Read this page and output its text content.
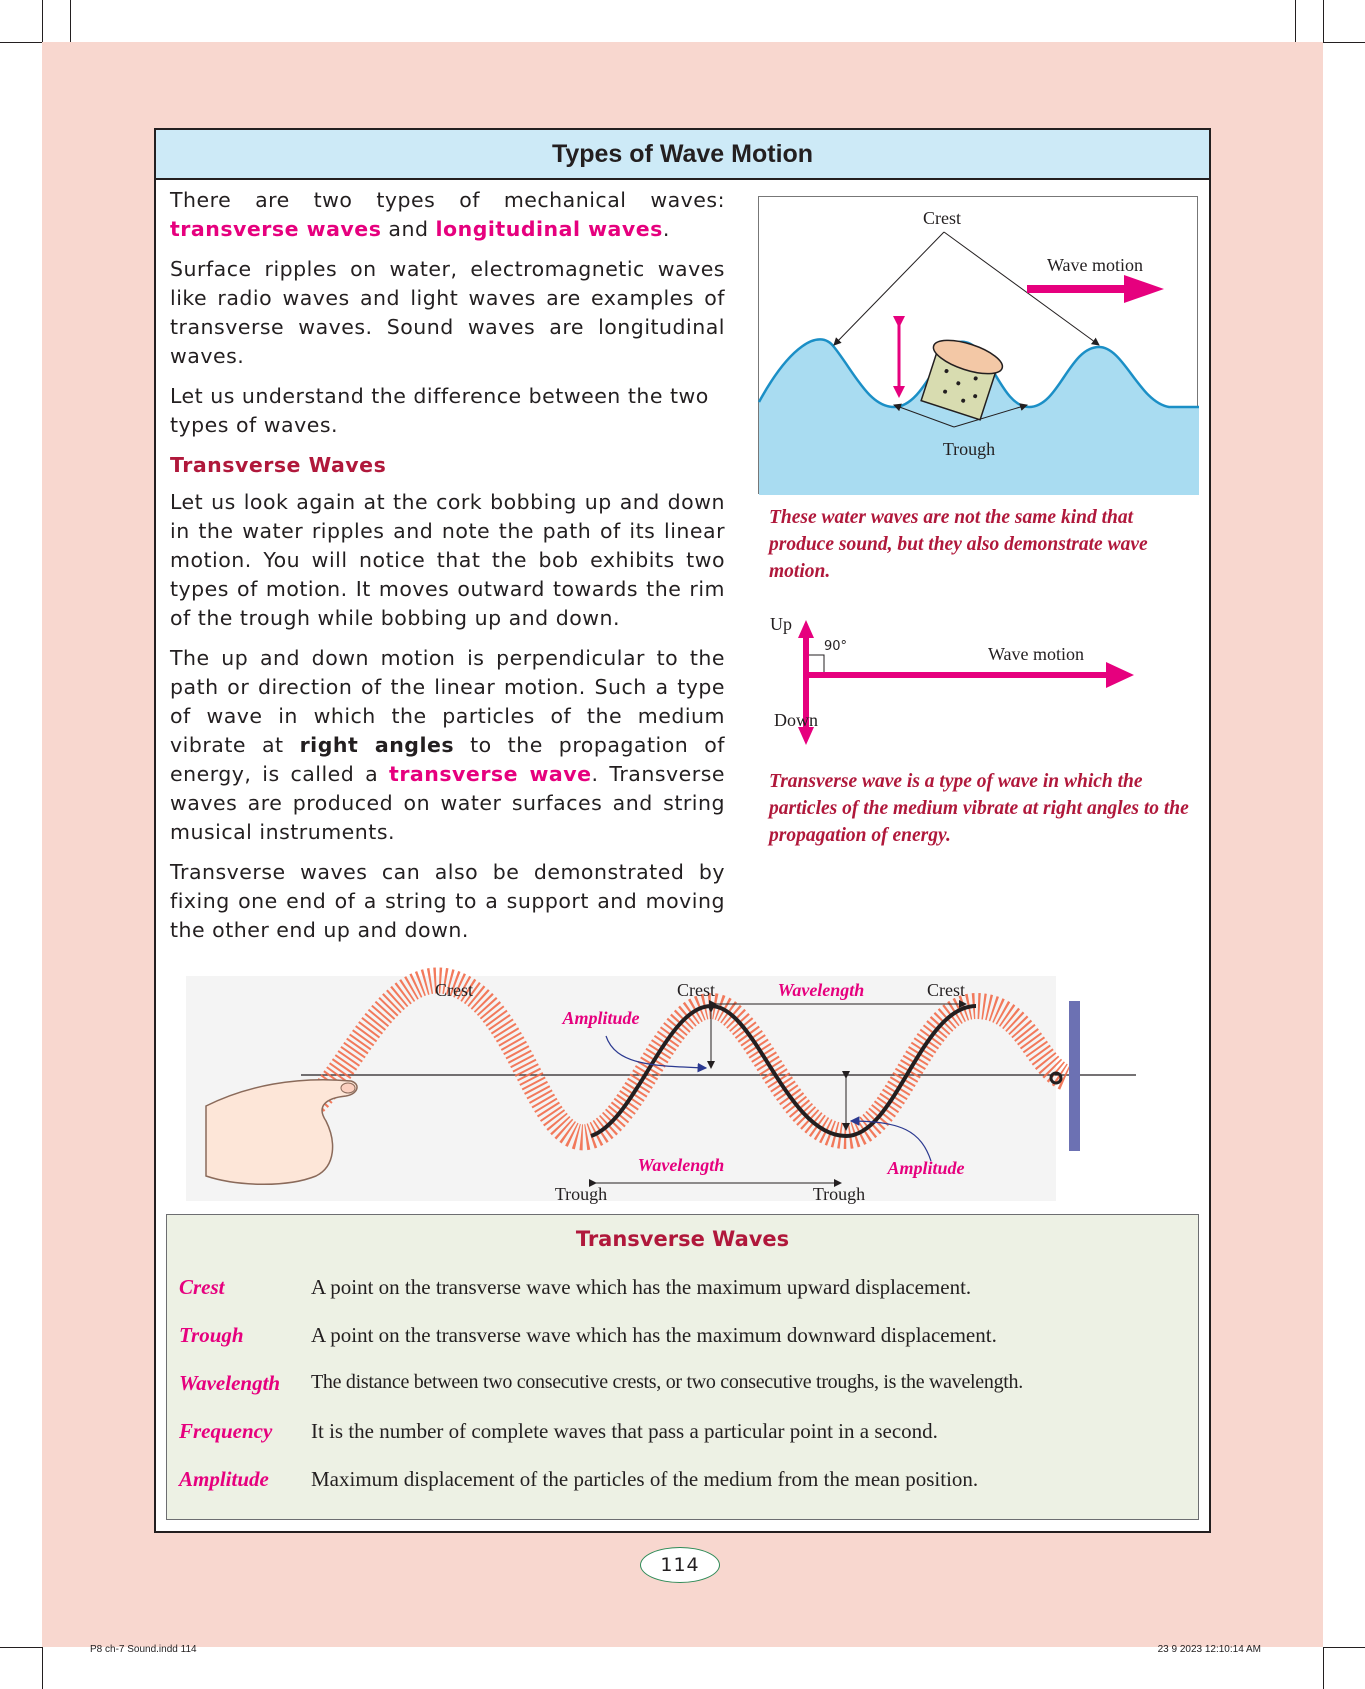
Types of Wave Motion

There are two types of mechanical waves: transverse waves and longitudinal waves.

Surface ripples on water, electromagnetic waves like radio waves and light waves are examples of transverse waves. Sound waves are longitudinal waves.

Let us understand the difference between the two types of waves.

Transverse Waves

Let us look again at the cork bobbing up and down in the water ripples and note the path of its linear motion. You will notice that the bob exhibits two types of motion. It moves outward towards the rim of the trough while bobbing up and down.

The up and down motion is perpendicular to the path or direction of the linear motion. Such a type of wave in which the particles of the medium vibrate at right angles to the propagation of energy, is called a transverse wave. Transverse waves are produced on water surfaces and string musical instruments.

Transverse waves can also be demonstrated by fixing one end of a string to a support and moving the other end up and down.

Crest
Wave motion
Trough
These water waves are not the same kind that produce sound, but they also demonstrate wave motion.
Up
Down
90°	Wave motion
Transverse wave is a type of wave in which the particles of the medium vibrate at right angles to the propagation of energy.
Crest	Crest	Crest
Wavelength
Amplitude
Wavelength	Amplitude
Trough	Trough
Transverse Waves
Crest	A point on the transverse wave which has the maximum upward displacement.
Trough	A point on the transverse wave which has the maximum downward displacement.
Wavelength The distance between two consecutive crests, or two consecutive troughs, is the wavelength.
Frequency It is the number of complete waves that pass a particular point in a second.
Amplitude Maximum displacement of the particles of the medium from the mean position.
114
P8 ch-7 Sound.indd 114	23 9 2023 12:10:14 AM
